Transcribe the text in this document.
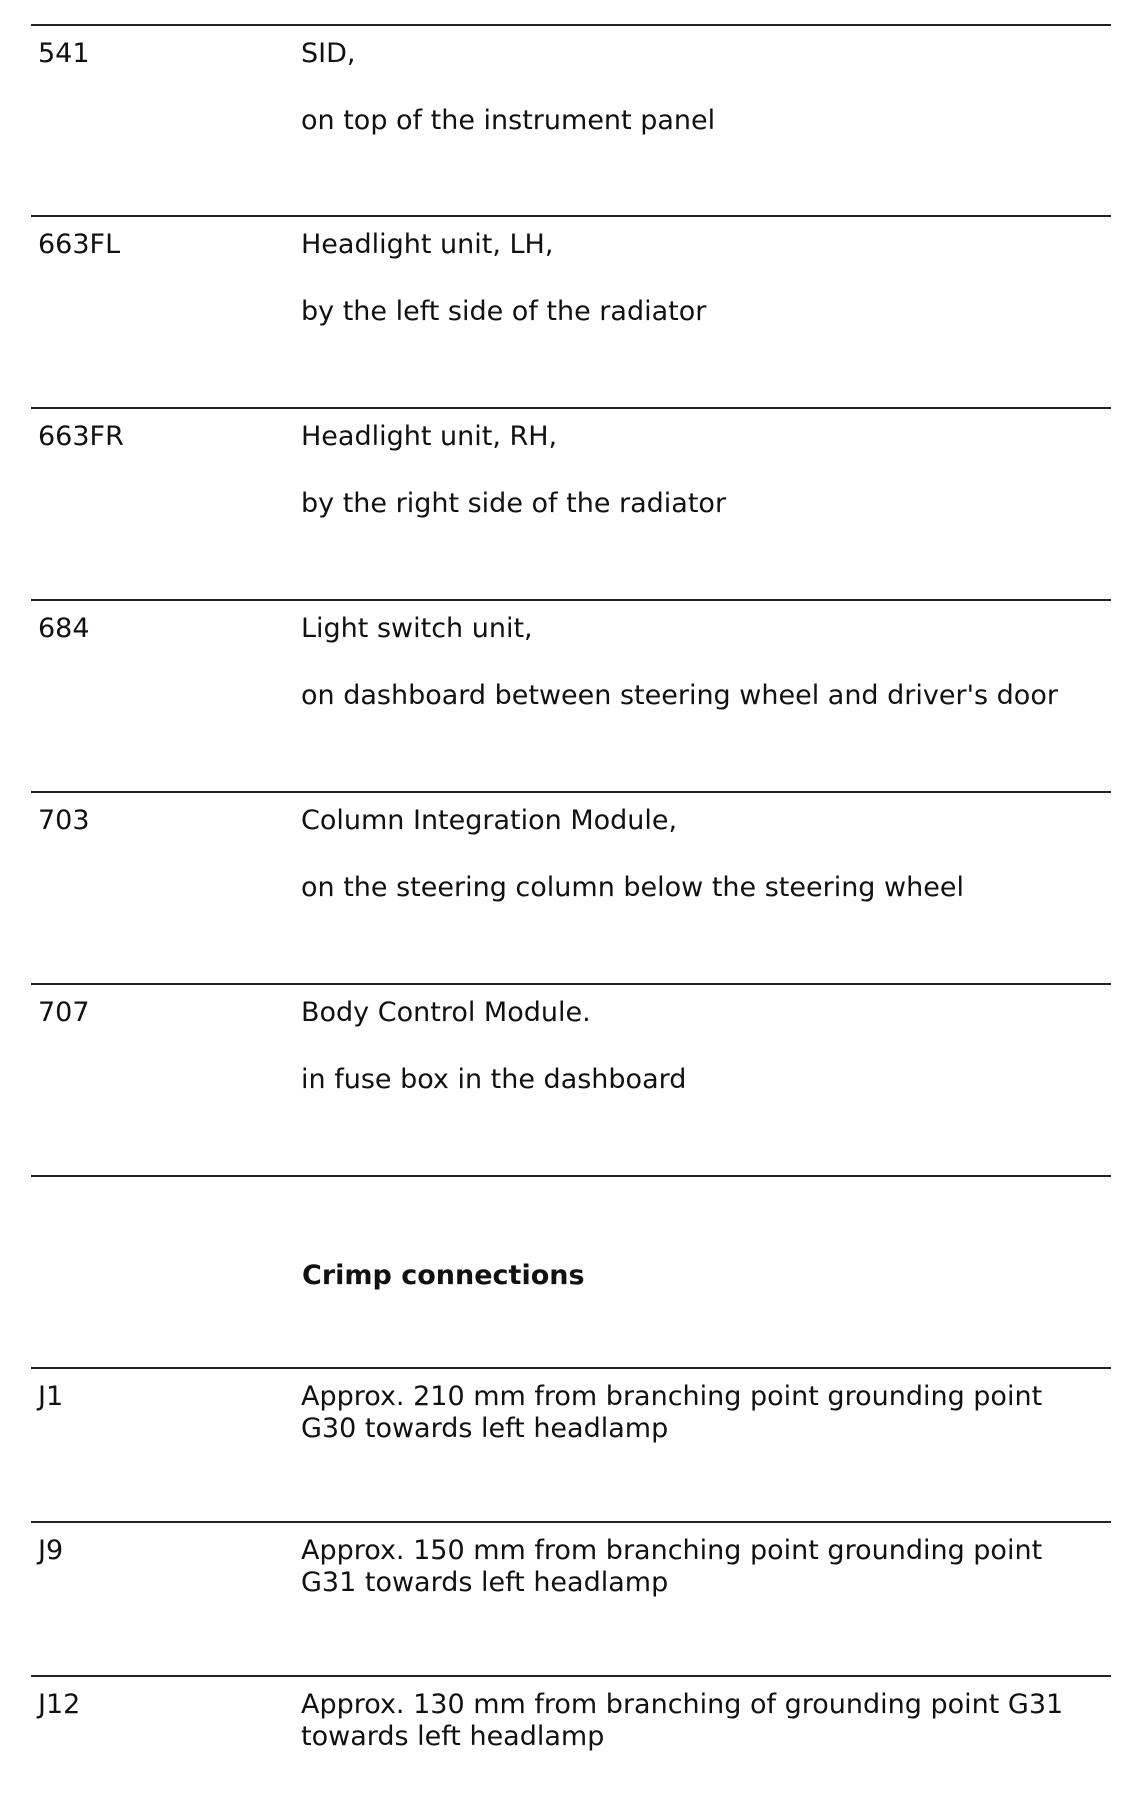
541	SID,
on top of the instrument panel
663FL	Headlight unit, LH,
by the left side of the radiator
663FR	Headlight unit, RH,
by the right side of the radiator
684	Light switch unit,
on dashboard between steering wheel and driver's door
703	Column Integration Module,
on the steering column below the steering wheel
707	Body Control Module.
in fuse box in the dashboard
Crimp connections
J1	Approx. 210 mm from branching point grounding point G30 towards left headlamp
J9	Approx. 150 mm from branching point grounding point G31 towards left headlamp
J12	Approx. 130 mm from branching of grounding point G31 towards left headlamp
